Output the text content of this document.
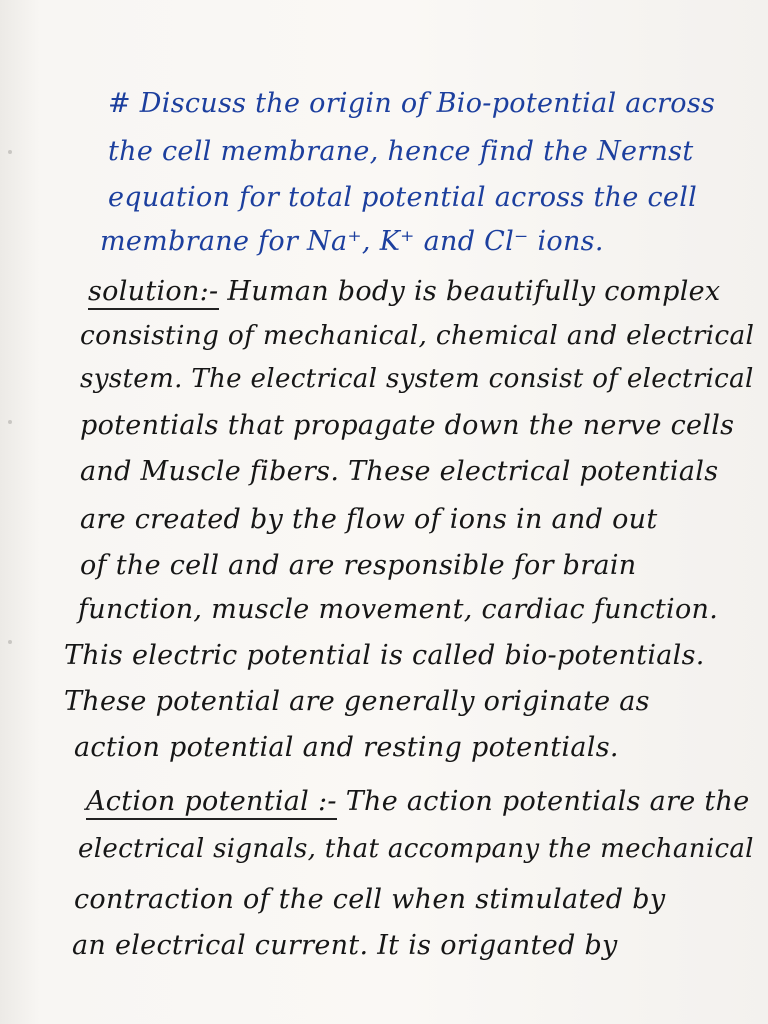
# Discuss the origin of Bio-potential across
the cell membrane, hence find the Nernst
equation for total potential across the cell
membrane for Na⁺, K⁺ and Cl⁻ ions.
solution:- Human body is beautifully complex
consisting of mechanical, chemical and electrical
system. The electrical system consist of electrical
potentials that propagate down the nerve cells
and Muscle fibers. These electrical potentials
are created by the flow of ions in and out
of the cell and are responsible for brain
function, muscle movement, cardiac function.
This electric potential is called bio-potentials.
These potential are generally originate as
action potential and resting potentials.
Action potential :- The action potentials are the
electrical signals, that accompany the mechanical
contraction of the cell when stimulated by
an electrical current. It is origanted by
